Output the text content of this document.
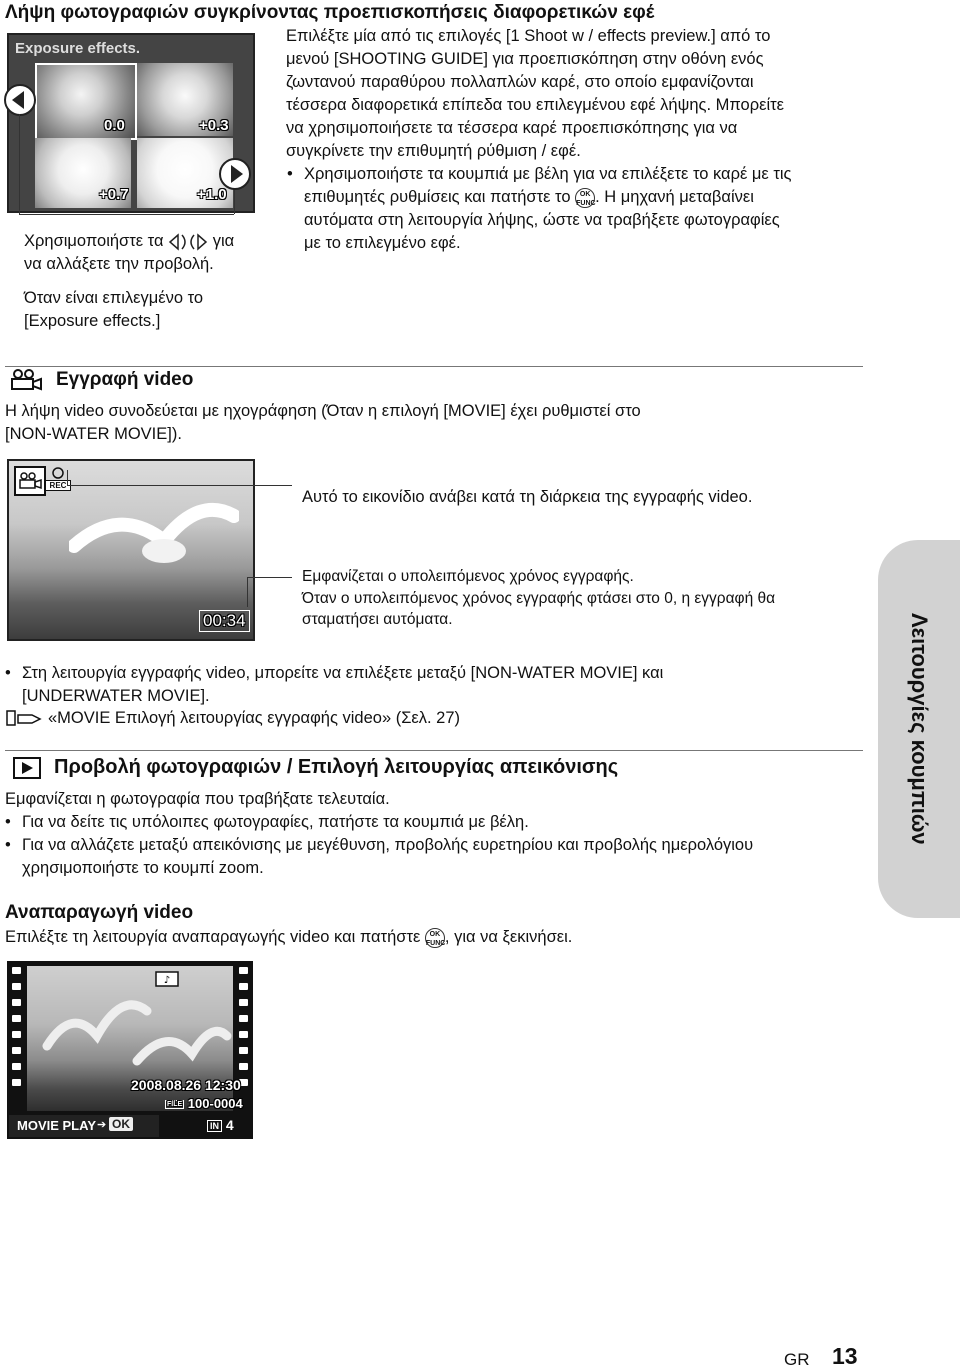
Λήψη φωτογραφιών συγκρίνοντας προεπισκοπήσεις διαφορετικών εφέ
Exposure effects.
0.0	+0.3
+0.7	+1.0
Χρησιμοποιήστε τα	για
να αλλάξετε την προβολή.
Όταν είναι επιλεγμένο το
[Exposure effects.]
Επιλέξτε μία από τις επιλογές [1 Shoot w / effects preview.] από το
μενού [SHOOTING GUIDE] για προεπισκόπηση στην οθόνη ενός
ζωντανού παραθύρου πολλαπλών καρέ, στο οποίο εμφανίζονται
τέσσερα διαφορετικά επίπεδα του επιλεγμένου εφέ λήψης. Μπορείτε
να χρησιμοποιήσετε τα τέσσερα καρέ προεπισκόπησης για να
συγκρίνετε την επιθυμητή ρύθμιση / εφέ.
• Χρησιμοποιήστε τα κουμπιά με βέλη για να επιλέξετε το καρέ με τις
επιθυμητές ρυθμίσεις και πατήστε το OK
FUNC. Η μηχανή μεταβαίνει
αυτόματα στη λειτουργία λήψης, ώστε να τραβήξετε φωτογραφίες
με το επιλεγμένο εφέ.
Εγγραφή video
Η λήψη video συνοδεύεται με ηχογράφηση (Όταν η επιλογή [MOVIE] έχει ρυθμιστεί στο
[NON-WATER MOVIE]).
REC
00:34
Αυτό το εικονίδιο ανάβει κατά τη διάρκεια της εγγραφής video.
Εμφανίζεται ο υπολειπόμενος χρόνος εγγραφής.
Όταν ο υπολειπόμενος χρόνος εγγραφής φτάσει στο 0, η εγγραφή θα
σταματήσει αυτόματα.
• Στη λειτουργία εγγραφής video, μπορείτε να επιλέξετε μεταξύ [NON-WATER MOVIE] και
[UNDERWATER MOVIE].
«MOVIE Επιλογή λειτουργίας εγγραφής video» (Σελ. 27)
Προβολή φωτογραφιών / Επιλογή λειτουργίας απεικόνισης
Εμφανίζεται η φωτογραφία που τραβήξατε τελευταία.
• Για να δείτε τις υπόλοιπες φωτογραφίες, πατήστε τα κουμπιά με βέλη.
• Για να αλλάζετε μεταξύ απεικόνισης με μεγέθυνση, προβολής ευρετηρίου και προβολής ημερολόγιου
χρησιμοποιήστε το κουμπί zoom.
Αναπαραγωγή video
Επιλέξτε τη λειτουργία αναπαραγωγής video και πατήστε OK
FUNC, για να ξεκινήσει.
♪
2008.08.26 12:30
FILE 100-0004
MOVIE PLAY ➔ OK	IN 4
Λειτουργίες κουμπιών
GR 13
